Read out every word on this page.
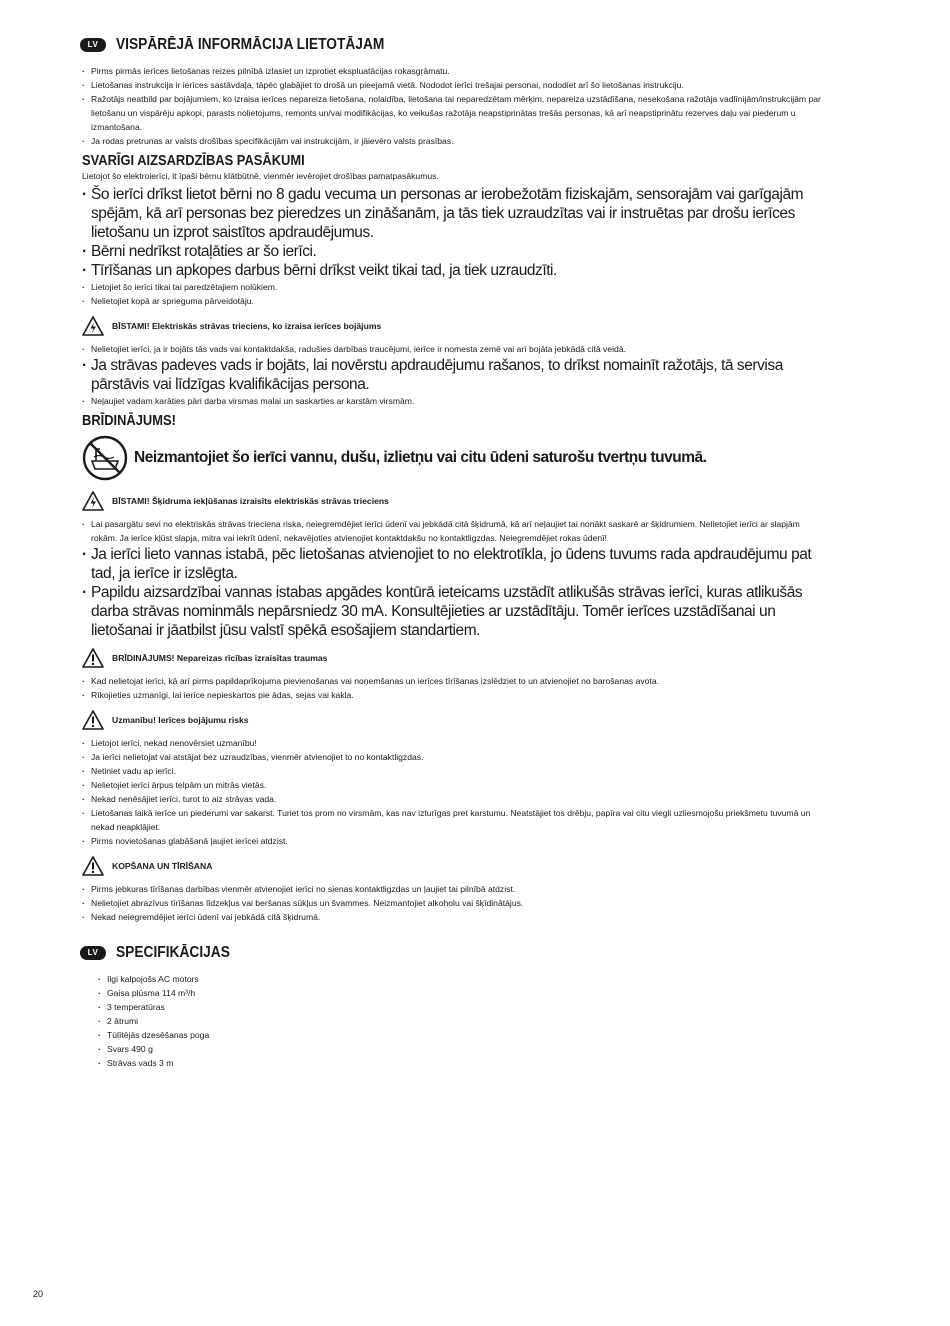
LV	VISPĀRĒJĀ INFORMĀCIJA LIETOTĀJAM
· Pirms pirmās ierīces lietošanas reizes pilnībā izlasiet un izprotiet ekspluatācijas rokasgrāmatu.
· Lietošanas instrukcija ir ierīces sastāvdaļa, tāpēc glabājiet to drošā un pieejamā vietā. Nododot ierīci trešajai personai, nododiet arī šo lietošanas instrukciju.
· Ražotājs neatbild par bojājumiem, ko izraisa ierīces nepareiza lietošana, nolaidība, lietošana tai neparedzētam mērķim, nepareiza uzstādīšana, nesekošana ražotāja vadlīnijām/instrukcijām par lietošanu un vispārēju apkopi, parasts nolietojums, remonts un/vai modifikācijas, ko veikušas ražotāja neapstiprinātas trešās personas, kā arī neapstiprinātu rezerves daļu vai piederum u izmantošana.
· Ja rodas pretrunas ar valsts drošības specifikācijām vai instrukcijām, ir jāievēro valsts prasības.
SVARĪGI AIZSARDZĪBAS PASĀKUMI
Lietojot šo elektroierīci, it īpaši bērnu klātbūtnē, vienmēr ievērojiet drošības pamatpasākumus.
· Šo ierīci drīkst lietot bērni no 8 gadu vecuma un personas ar ierobežotām fiziskajām, sensorajām vai garīgajām spējām, kā arī personas bez pieredzes un zināšanām, ja tās tiek uzraudzītas vai ir instruētas par drošu ierīces lietošanu un izprot saistītos apdraudējumus.
· Bērni nedrīkst rotaļāties ar šo ierīci.
· Tīrīšanas un apkopes darbus bērni drīkst veikt tikai tad, ja tiek uzraudzīti.
· Lietojiet šo ierīci tikai tai paredzētajiem nolūkiem.
· Nelietojiet kopā ar sprieguma pārveidotāju.
BĪSTAMI! Elektriskās strāvas trieciens, ko izraisa ierīces bojājums
· Nelietojiet ierīci, ja ir bojāts tās vads vai kontaktdakša, radušies darbības traucējumi, ierīce ir nomesta zemē vai arī bojāta jebkādā citā veidā.
· Ja strāvas padeves vads ir bojāts, lai novērstu apdraudējumu rašanos, to drīkst nomainīt ražotājs, tā servisa pārstāvis vai līdzīgas kvalifikācijas persona.
· Neļaujiet vadam karāties pāri darba virsmas malai un saskarties ar karstām virsmām.
BRĪDINĀJUMS!
Neizmantojiet šo ierīci vannu, dušu, izlietņu vai citu ūdeni saturošu tvertņu tuvumā.
BĪSTAMI! Šķidruma iekļūšanas izraisīts elektriskās strāvas trieciens
· Lai pasargātu sevi no elektriskās strāvas trieciena riska, neiegremdējiet ierīci ūdenī vai jebkādā citā šķidrumā, kā arī neļaujiet tai nonākt saskarē ar šķidrumiem. Nelietojiet ierīci ar slapjām rokām. Ja ierīce kļūst slapja, mitra vai iekrīt ūdenī, nekavējoties atvienojiet kontaktdakšu no kontaktligzdas. Neiegremdējiet rokas ūdenī!
· Ja ierīci lieto vannas istabā, pēc lietošanas atvienojiet to no elektrotīkla, jo ūdens tuvums rada apdraudējumu pat tad, ja ierīce ir izslēgta.
· Papildu aizsardzībai vannas istabas apgādes kontūrā ieteicams uzstādīt atlikušās strāvas ierīci, kuras atlikušās darba strāvas nominmāls nepārsniedz 30 mA. Konsultējieties ar uzstādītāju. Tomēr ierīces uzstādīšanai un lietošanai ir jāatbilst jūsu valstī spēkā esošajiem standartiem.
BRĪDINĀJUMS! Nepareizas rīcības izraisītas traumas
· Kad nelietojat ierīci, kā arī pirms papildaprīkojuma pievienošanas vai noņemšanas un ierīces tīrīšanas izslēdziet to un atvienojiet no barošanas avota.
· Rīkojieties uzmanīgi, lai ierīce nepieskartos pie ādas, sejas vai kakla.
Uzmanību! Ierīces bojājumu risks
· Lietojot ierīci, nekad nenovērsiet uzmanību!
· Ja ierīci nelietojat vai atstājat bez uzraudzības, vienmēr atvienojiet to no kontaktligzdas.
· Netiniet vadu ap ierīci.
· Nelietojiet ierīci ārpus telpām un mitrās vietās.
· Nekad nenēsājiet ierīci, turot to aiz strāvas vada.
· Lietošanas laikā ierīce un piederumi var sakarst. Turiet tos prom no virsmām, kas nav izturīgas pret karstumu. Neatstājiet tos drēbju, papīra vai citu viegli uzliesmojošu priekšmetu tuvumā un nekad neapklājiet.
· Pirms novietošanas glabāšanā ļaujiet ierīcei atdzist.
KOPŠANA UN TĪRĪŠANA
· Pirms jebkuras tīrīšanas darbības vienmēr atvienojiet ierīci no sienas kontaktligzdas un ļaujiet tai pilnībā atdzist.
· Nelietojiet abrazīvus tīrīšanas līdzekļus vai beršanas sūkļus un švammes. Neizmantojiet alkoholu vai šķīdinātājus.
· Nekad neiegremdējiet ierīci ūdenī vai jebkādā citā šķidrumā.
LV	SPECIFIKĀCIJAS
· Ilgi kalpojošs AC motors
· Gaisa plūsma 114 m³/h
· 3 temperatūras
· 2 ātrumi
· Tūlītējās dzesēšanas poga
· Svars 490 g
· Strāvas vads 3 m
20
